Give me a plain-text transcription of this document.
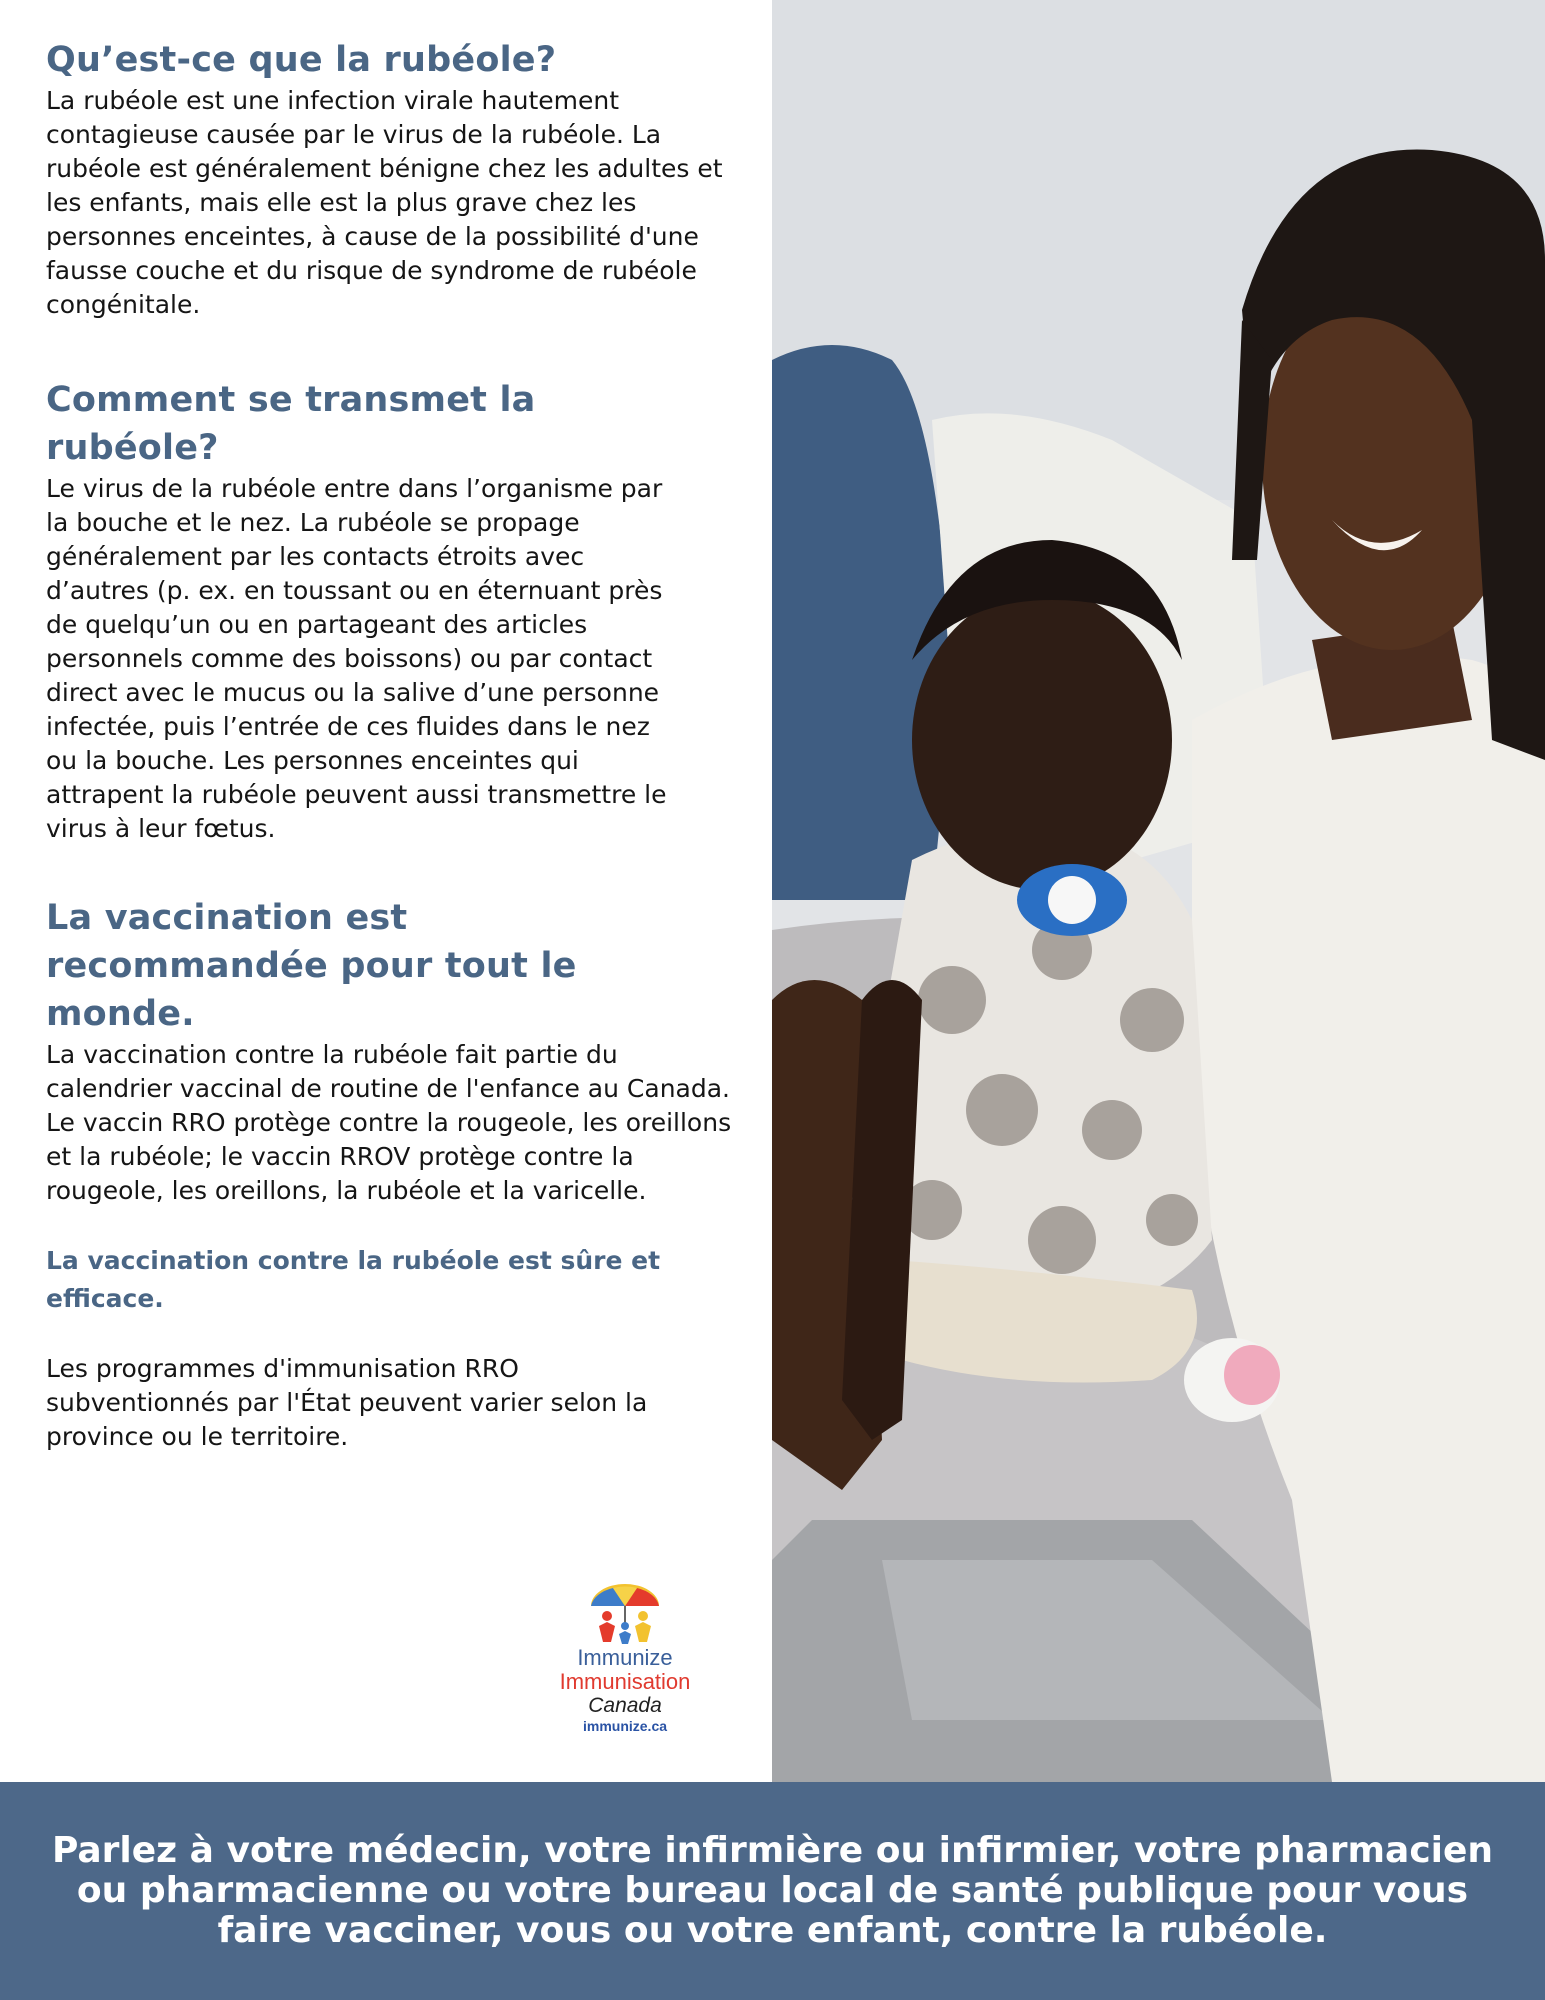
Qu’est-ce que la rubéole?

La rubéole est une infection virale hautement contagieuse causée par le virus de la rubéole. La rubéole est généralement bénigne chez les adultes et les enfants, mais elle est la plus grave chez les personnes enceintes, à cause de la possibilité d'une fausse couche et du risque de syndrome de rubéole congénitale.

Comment se transmet la rubéole?

Le virus de la rubéole entre dans l’organisme par la bouche et le nez. La rubéole se propage généralement par les contacts étroits avec d’autres (p. ex. en toussant ou en éternuant près de quelqu’un ou en partageant des articles personnels comme des boissons) ou par contact direct avec le mucus ou la salive d’une personne infectée, puis l’entrée de ces fluides dans le nez ou la bouche. Les personnes enceintes qui attrapent la rubéole peuvent aussi transmettre le virus à leur fœtus.

La vaccination est recommandée pour tout le monde.

La vaccination contre la rubéole fait partie du calendrier vaccinal de routine de l'enfance au Canada. Le vaccin RRO protège contre la rougeole, les oreillons et la rubéole; le vaccin RROV protège contre la rougeole, les oreillons, la rubéole et la varicelle.

La vaccination contre la rubéole est sûre et efficace.

Les programmes d'immunisation RRO subventionnés par l'État peuvent varier selon la province ou le territoire.

Immunize
Immunisation
Canada
immunize.ca

Parlez à votre médecin, votre infirmière ou infirmier, votre pharmacien ou pharmacienne ou votre bureau local de santé publique pour vous faire vacciner, vous ou votre enfant, contre la rubéole.
